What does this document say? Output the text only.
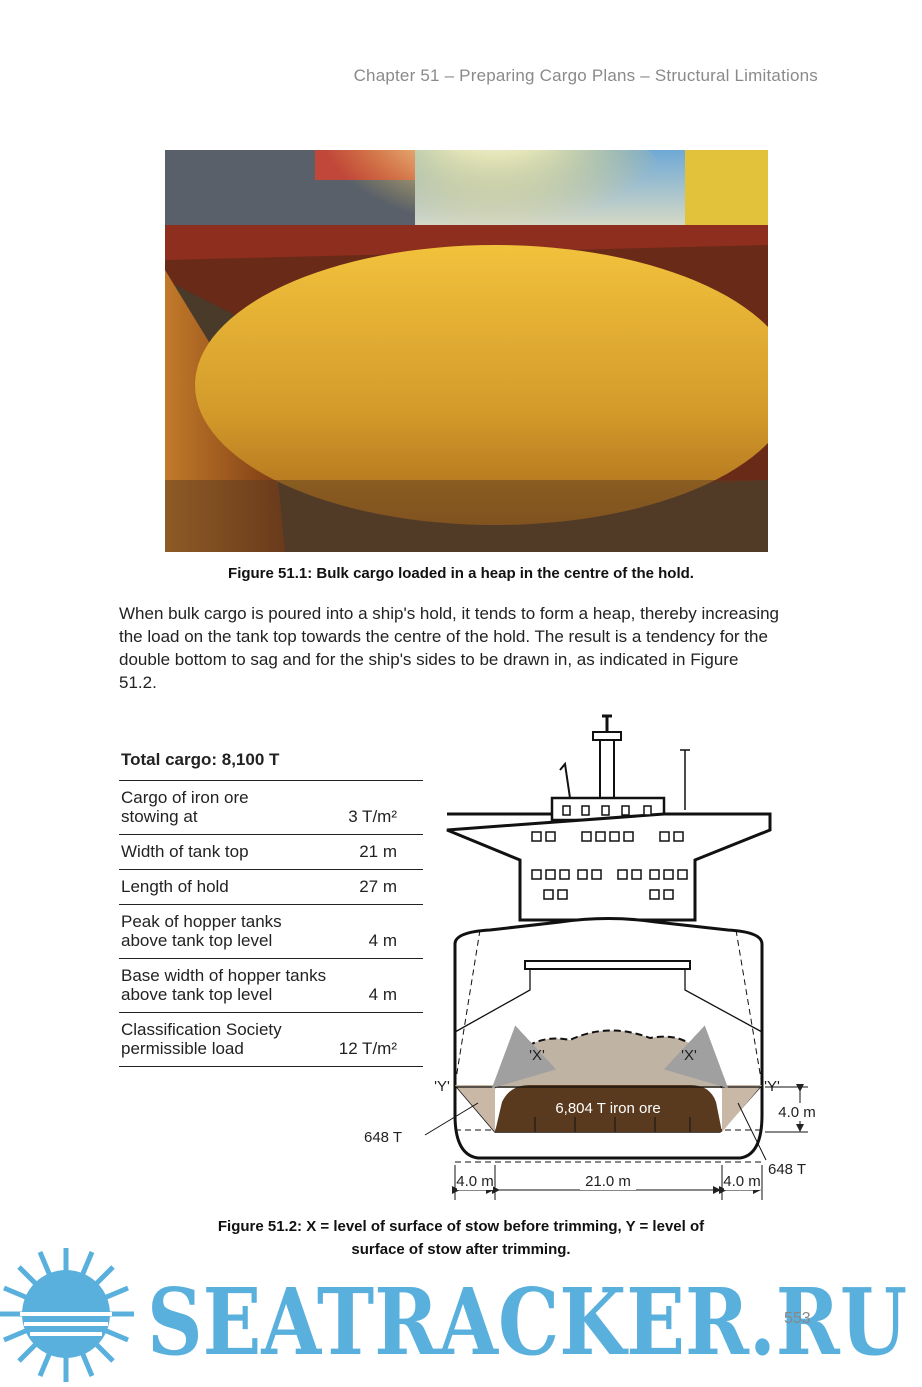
Chapter 51 – Preparing Cargo Plans – Structural Limitations
Figure 51.1: Bulk cargo loaded in a heap in the centre of the hold.

When bulk cargo is poured into a ship's hold, it tends to form a heap, thereby increasing the load on the tank top towards the centre of the hold. The result is a tendency for the double bottom to sag and for the ship's sides to be drawn in, as indicated in Figure 51.2.

Total cargo: 8,100 T
Cargo of iron ore
stowing at	3 T/m²
Width of tank top	21 m
Length of hold	27 m
Peak of hopper tanks
above tank top level	4 m
Base width of hopper tanks
above tank top level	4 m
Classification Society
permissible load	12 T/m²	'X'	'X'
'Y'	'Y'
6,804 T iron ore
648 T
648 T
4.0 m
4.0 m	21.0 m	4.0 m
Figure 51.2: X = level of surface of stow before trimming, Y = level of
surface of stow after trimming.
SEATRACKER.RU
553
